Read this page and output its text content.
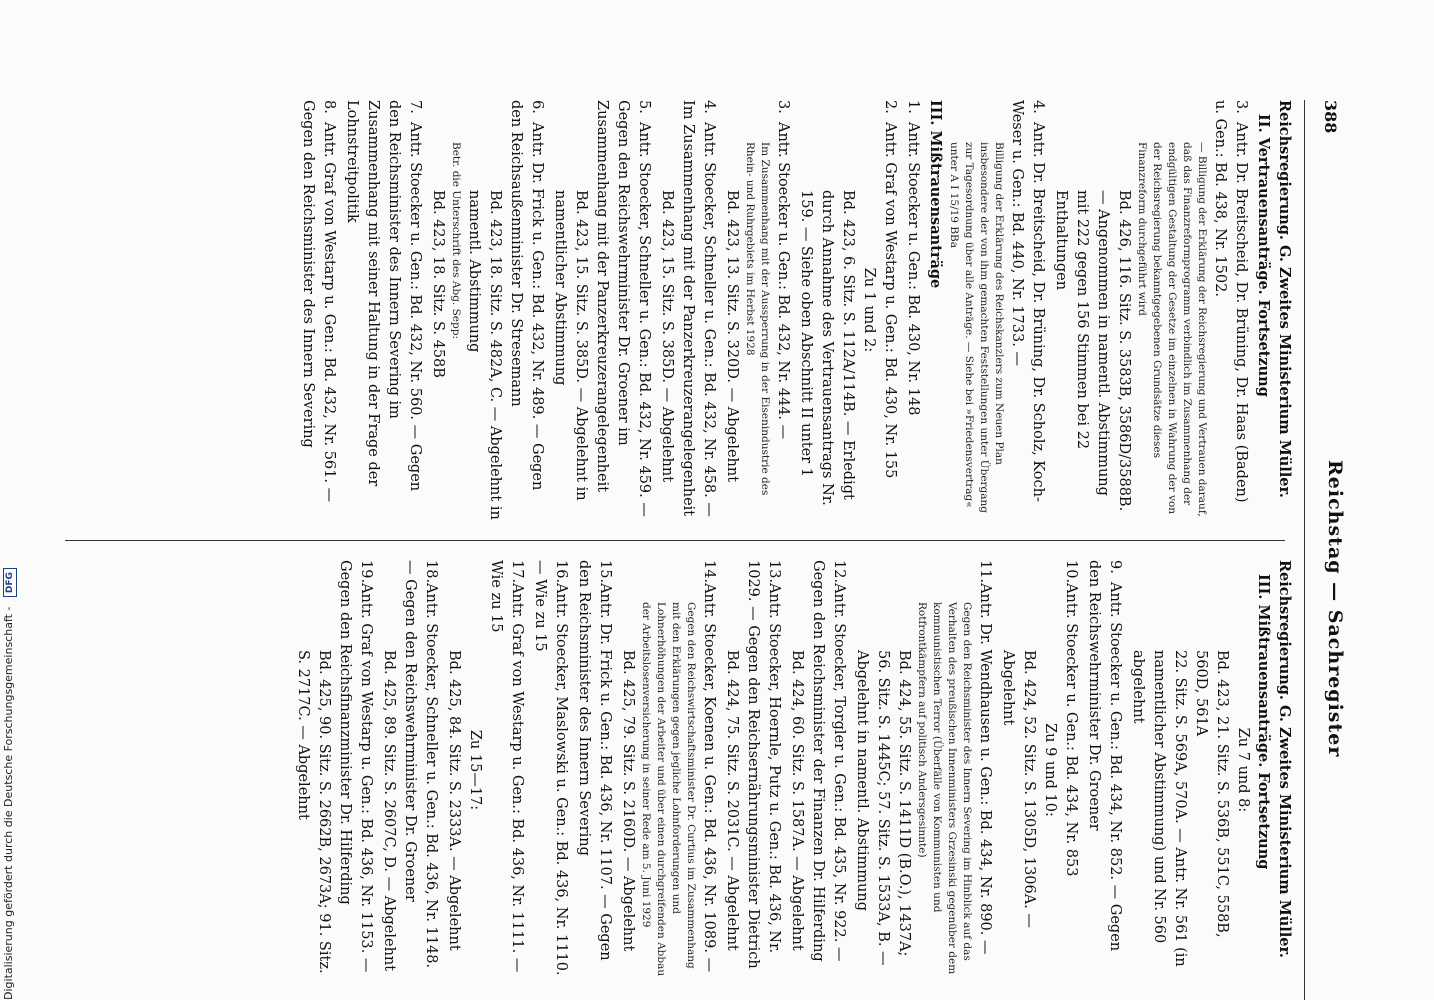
Digitalisierung gefördert durch die Deutsche Forschungsgemeinschaft - DFG
388
Reichstag — Sachregister
Reichsregierung. G. Zweites Ministerium Müller.
II. Vertrauensanträge. Fortsetzung
3.Antr. Dr. Breitscheid, Dr. Brüning, Dr. Haas (Baden) u. Gen.: Bd. 438, Nr. 1502.
— Billigung der Erklärung der Reichsregierung und Vertrauen darauf, daß das Finanzreformprogramm verbindlich im Zusammenhang der endgültigen Gestaltung der Gesetze im einzelnen in Wahrung der von der Reichsregierung bekanntgegebenen Grundsätze dieses Finanzreform durchgeführt wird
Bd. 426, 116. Sitz. S. 3583B, 3586D/3588B. — Angenommen in namentl. Abstimmung mit 222 gegen 156 Stimmen bei 22 Enthaltungen
4.Antr. Dr. Breitscheid, Dr. Brüning, Dr. Scholz, Koch-Weser u. Gen.: Bd. 440, Nr. 1733. —
Billigung der Erklärung des Reichskanzlers zum Neuen Plan insbesondere der von ihm gemachten Feststellungen unter Übergang zur Tagesordnung über alle Anträge. — Siehe bei »Friedensvertrag« unter A I 15/19 BBa
III. Mißtrauensanträge
1.Antr. Stoecker u. Gen.: Bd. 430, Nr. 148
2.Antr. Graf von Westarp u. Gen.: Bd. 430, Nr. 155
Zu 1 und 2:
Bd. 423, 6. Sitz. S. 112A/114B. — Erledigt durch Annahme des Vertrauensantrags Nr. 159. — Siehe oben Abschnitt II unter 1
3.Antr. Stoecker u. Gen.: Bd. 432, Nr. 444. —
Im Zusammenhang mit der Aussperrung in der Eisenindustrie des Rhein- und Ruhrgebiets im Herbst 1928
Bd. 423, 13. Sitz. S. 320D. — Abgelehnt
4.Antr. Stoecker, Schneller u. Gen.: Bd. 432, Nr. 458. — Im Zusammenhang mit der Panzerkreuzerangelegenheit
Bd. 423, 15. Sitz. S. 385D. — Abgelehnt
5.Antr. Stoecker, Schneller u. Gen.: Bd. 432, Nr. 459. — Gegen den Reichswehrminister Dr. Groener im Zusammenhang mit der Panzerkreuzerangelegenheit
Bd. 423, 15. Sitz. S. 385D. — Abgelehnt in namentlicher Abstimmung
6.Antr. Dr. Frick u. Gen.: Bd. 432, Nr. 489. — Gegen den Reichsaußenminister Dr. Stresemann
Bd. 423, 18. Sitz. S. 482A, C. — Abgelehnt in namentl. Abstimmung
Betr. die Unterschrift des Abg. Sepp:
Bd. 423, 18. Sitz. S. 458B
7.Antr. Stoecker u. Gen.: Bd. 432, Nr. 560. — Gegen den Reichsminister des Innern Severing im Zusammenhang mit seiner Haltung in der Frage der Lohnstreitpolitik
8.Antr. Graf von Westarp u. Gen.: Bd. 432, Nr. 561. — Gegen den Reichsminister des Innern Severing
Reichsregierung. G. Zweites Ministerium Müller.
III. Mißtrauensanträge. Fortsetzung
Zu 7 und 8:
Bd. 423, 21. Sitz. S. 536B, 551C, 558B, 560D, 561A
22. Sitz. S. 569A, 570A. — Antr. Nr. 561 (in namentlicher Abstimmung) und Nr. 560 abgelehnt
9.Antr. Stoecker u. Gen.: Bd. 434, Nr. 852. — Gegen den Reichswehrminister Dr. Groener
10.Antr. Stoecker u. Gen.: Bd. 434, Nr. 853
Zu 9 und 10:
Bd. 424, 52. Sitz. S. 1305D, 1306A. — Abgelehnt
11.Antr. Dr. Wendhausen u. Gen.: Bd. 434, Nr. 890. —
Gegen den Reichsminister des Innern Severing im Hinblick auf das Verhalten des preußischen Innenministers Grzesinski gegenüber dem kommunistischen Terror (Überfälle von Kommunisten und Rotfrontkämpfern auf politisch Andersgesinnte)
Bd. 424, 55. Sitz. S. 1411D (B.O.), 1437A; 56. Sitz. S. 1445C; 57. Sitz. S. 1533A, B. — Abgelehnt in namentl. Abstimmung
12.Antr. Stoecker, Torgler u. Gen.: Bd. 435, Nr. 922. — Gegen den Reichsminister der Finanzen Dr. Hilferding
Bd. 424, 60. Sitz. S. 1587A. — Abgelehnt
13.Antr. Stoecker, Hoernle, Putz u. Gen.: Bd. 436, Nr. 1029. — Gegen den Reichsernährungsminister Dietrich
Bd. 424, 75. Sitz. S. 2031C. — Abgelehnt
14.Antr. Stoecker, Koenen u. Gen.: Bd. 436, Nr. 1089. —
Gegen den Reichswirtschaftsminister Dr. Curtius im Zusammenhang mit den Erklärungen gegen jegliche Lohnforderungen und Lohnerhöhungen der Arbeiter und über einen durchgreifenden Abbau der Arbeitslosenversicherung in seiner Rede am 5. Juni 1929
Bd. 425, 79. Sitz. S. 2160D. — Abgelehnt
15.Antr. Dr. Frick u. Gen.: Bd. 436, Nr. 1107. — Gegen den Reichsminister des Innern Severing
16.Antr. Stoecker, Maslowski u. Gen.: Bd. 436, Nr. 1110. — Wie zu 15
17.Antr. Graf von Westarp u. Gen.: Bd. 436, Nr. 1111. — Wie zu 15
Zu 15—17:
Bd. 425, 84. Sitz. S. 2333A. — Abgelehnt
18.Antr. Stoecker, Schneller u. Gen.: Bd. 436, Nr. 1148. — Gegen den Reichswehrminister Dr. Groener
Bd. 425, 89. Sitz. S. 2607C, D. — Abgelehnt
19.Antr. Graf von Westarp u. Gen.: Bd. 436, Nr. 1153. — Gegen den Reichsfinanzminister Dr. Hilferding
Bd. 425, 90. Sitz. S. 2662B, 2673A; 91. Sitz. S. 2717C. — Abgelehnt
